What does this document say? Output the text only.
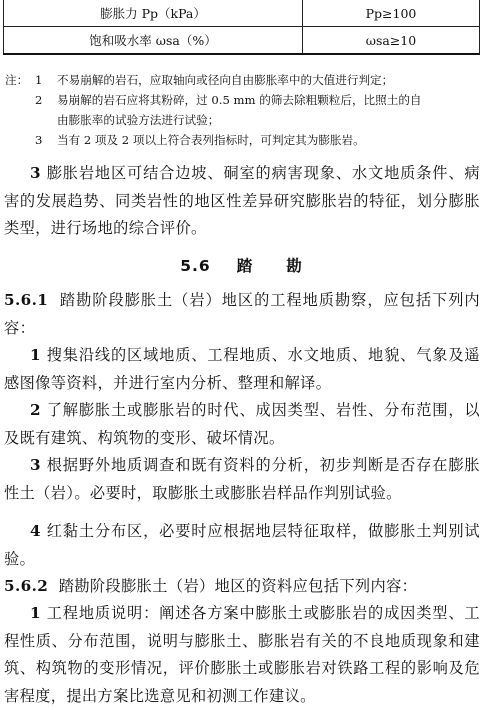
膨胀力 Pp（kPa）	Pp≥100
饱和吸水率 ωsa（%）	ωsa≥10
注： 1	不易崩解的岩石，应取轴向或径向自由膨胀率中的大值进行判定；
2	易崩解的岩石应将其粉碎，过 0.5 mm 的筛去除粗颗粒后，比照土的自
由膨胀率的试验方法进行试验；
3	当有 2 项及 2 项以上符合表列指标时，可判定其为膨胀岩。
3 膨胀岩地区可结合边坡、硐室的病害现象、水文地质条件、病害的发展趋势、同类岩性的地区性差异研究膨胀岩的特征，划分膨胀类型，进行场地的综合评价。
5.6 踏　　勘
5.6.1 踏勘阶段膨胀土（岩）地区的工程地质勘察，应包括下列内容：
1 搜集沿线的区域地质、工程地质、水文地质、地貌、气象及遥感图像等资料，并进行室内分析、整理和解译。
2 了解膨胀土或膨胀岩的时代、成因类型、岩性、分布范围，以及既有建筑、构筑物的变形、破坏情况。
3 根据野外地质调查和既有资料的分析，初步判断是否存在膨胀性土（岩）。必要时，取膨胀土或膨胀岩样品作判别试验。
4 红黏土分布区，必要时应根据地层特征取样，做膨胀土判别试验。
5.6.2 踏勘阶段膨胀土（岩）地区的资料应包括下列内容：
1 工程地质说明：阐述各方案中膨胀土或膨胀岩的成因类型、工程性质、分布范围，说明与膨胀土、膨胀岩有关的不良地质现象和建筑、构筑物的变形情况，评价膨胀土或膨胀岩对铁路工程的影响及危害程度，提出方案比选意见和初测工作建议。
